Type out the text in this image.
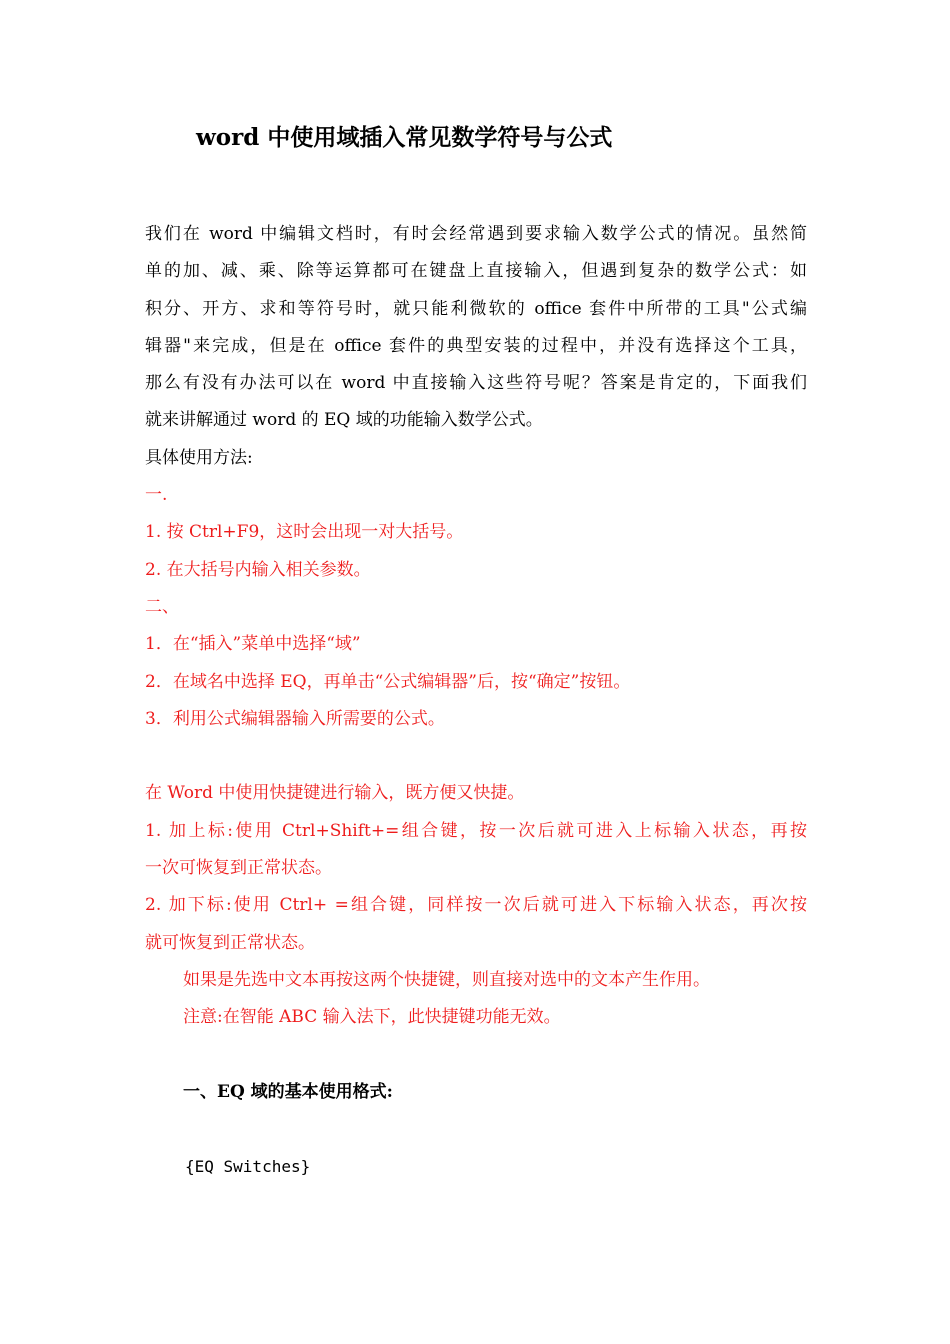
word 中使用域插入常见数学符号与公式
我们在 word 中编辑文档时，有时会经常遇到要求输入数学公式的情况。虽然简
单的加、减、乘、除等运算都可在键盘上直接输入，但遇到复杂的数学公式：如
积分、开方、求和等符号时，就只能利微软的 office 套件中所带的工具"公式编
辑器"来完成，但是在 office 套件的典型安装的过程中，并没有选择这个工具，
那么有没有办法可以在 word 中直接输入这些符号呢？答案是肯定的，下面我们
就来讲解通过 word 的 EQ 域的功能输入数学公式。
具体使用方法:
一.
1. 按 Ctrl+F9，这时会出现一对大括号。
2. 在大括号内输入相关参数。
二、
1．在“插入”菜单中选择“域”
2．在域名中选择 EQ，再单击“公式编辑器”后，按“确定”按钮。
3．利用公式编辑器输入所需要的公式。
在 Word 中使用快捷键进行输入，既方便又快捷。
1. 加上标:使用 Ctrl+Shift+=组合键，按一次后就可进入上标输入状态，再按
一次可恢复到正常状态。
2. 加下标:使用 Ctrl+ =组合键，同样按一次后就可进入下标输入状态，再次按
就可恢复到正常状态。
如果是先选中文本再按这两个快捷键，则直接对选中的文本产生作用。
注意:在智能 ABC 输入法下，此快捷键功能无效。
一、EQ 域的基本使用格式:
{EQ Switches}
